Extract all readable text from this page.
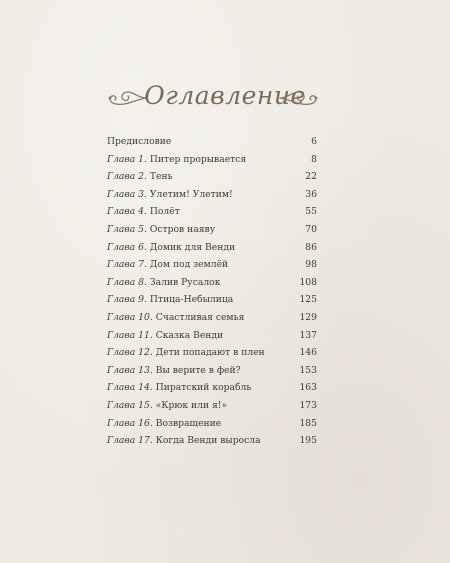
Оглавление
Предисловие	6
Глава 1. Питер прорывается	8
Глава 2. Тень	22
Глава 3. Улетим! Улетим!	36
Глава 4. Полёт	55
Глава 5. Остров наяву	70
Глава 6. Домик для Венди	86
Глава 7. Дом под землёй	98
Глава 8. Залив Русалок	108
Глава 9. Птица-Небылица	125
Глава 10. Счастливая семья	129
Глава 11. Сказка Венди	137
Глава 12. Дети попадают в плен	146
Глава 13. Вы верите в фей?	153
Глава 14. Пиратский корабль	163
Глава 15. «Крюк или я!»	173
Глава 16. Возвращение	185
Глава 17. Когда Венди выросла	195
